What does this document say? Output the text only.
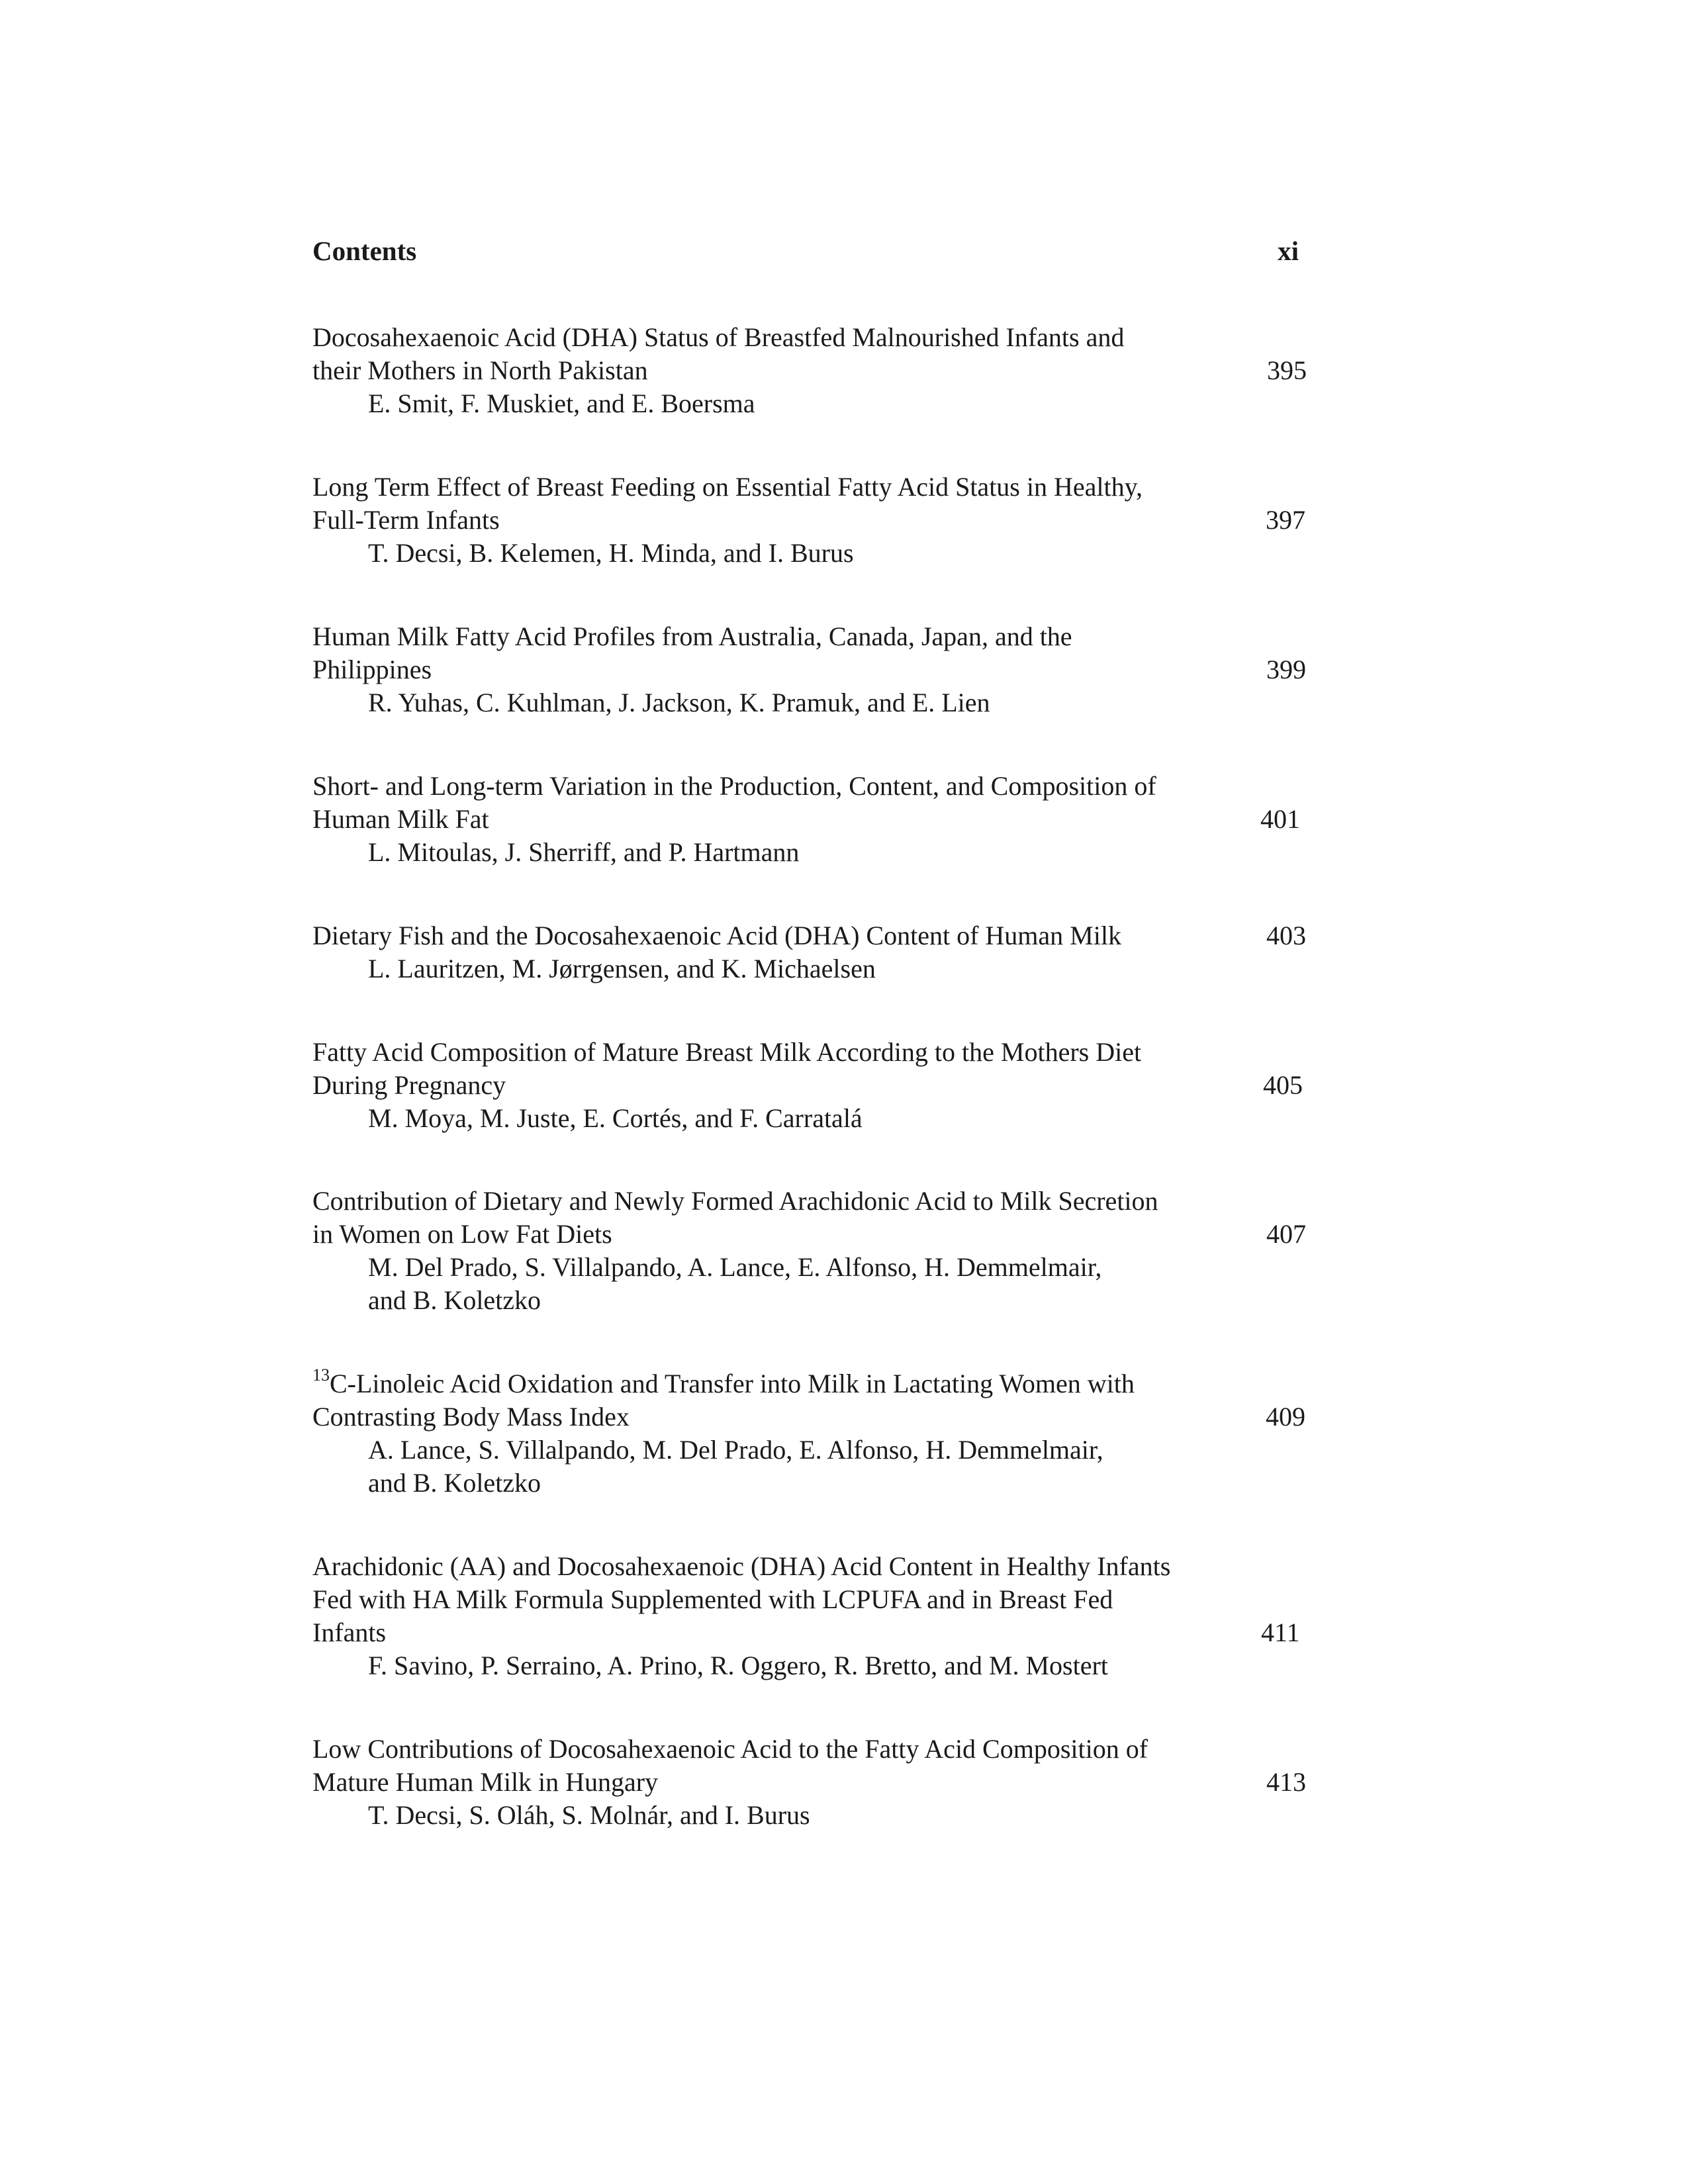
Contents	xi
Docosahexaenoic Acid (DHA) Status of Breastfed Malnourished Infants and
their Mothers in North Pakistan
E. Smit, F. Muskiet, and E. Boersma
395
Long Term Effect of Breast Feeding on Essential Fatty Acid Status in Healthy,
Full-Term Infants
T. Decsi, B. Kelemen, H. Minda, and I. Burus
397
Human Milk Fatty Acid Profiles from Australia, Canada, Japan, and the
Philippines
R. Yuhas, C. Kuhlman, J. Jackson, K. Pramuk, and E. Lien
399
Short- and Long-term Variation in the Production, Content, and Composition of
Human Milk Fat
L. Mitoulas, J. Sherriff, and P. Hartmann
401
Dietary Fish and the Docosahexaenoic Acid (DHA) Content of Human Milk
L. Lauritzen, M. Jørrgensen, and K. Michaelsen
403
Fatty Acid Composition of Mature Breast Milk According to the Mothers Diet
During Pregnancy
M. Moya, M. Juste, E. Cortés, and F. Carratalá
405
Contribution of Dietary and Newly Formed Arachidonic Acid to Milk Secretion
in Women on Low Fat Diets
M. Del Prado, S. Villalpando, A. Lance, E. Alfonso, H. Demmelmair,
and B. Koletzko
407
$^{13}$C-Linoleic Acid Oxidation and Transfer into Milk in Lactating Women with
Contrasting Body Mass Index
A. Lance, S. Villalpando, M. Del Prado, E. Alfonso, H. Demmelmair,
and B. Koletzko
409
Arachidonic (AA) and Docosahexaenoic (DHA) Acid Content in Healthy Infants
Fed with HA Milk Formula Supplemented with LCPUFA and in Breast Fed
Infants
F. Savino, P. Serraino, A. Prino, R. Oggero, R. Bretto, and M. Mostert
411
Low Contributions of Docosahexaenoic Acid to the Fatty Acid Composition of
Mature Human Milk in Hungary
T. Decsi, S. Oláh, S. Molnár, and I. Burus
413
